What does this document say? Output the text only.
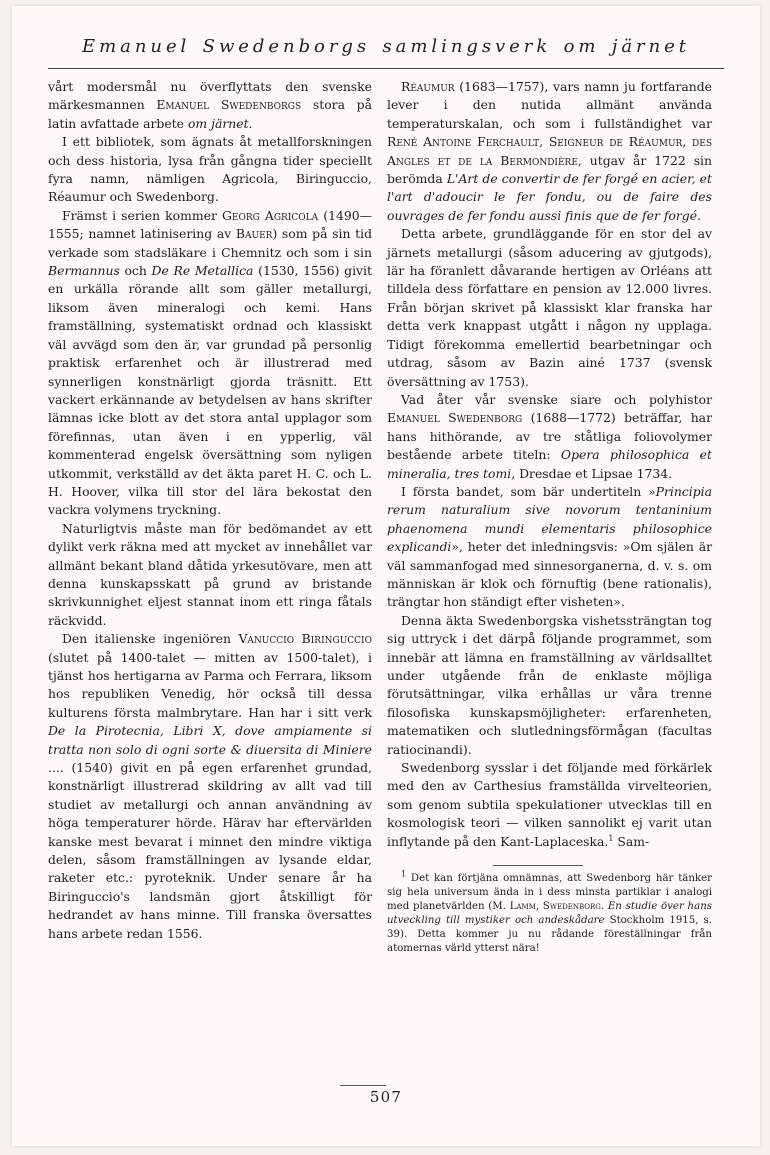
Emanuel Swedenborgs samlingsverk om järnet

vårt modersmål nu överflyttats den svenske märkesmannen Emanuel Swedenborgs stora på latin avfattade arbete om järnet.

I ett bibliotek, som ägnats åt metallforskningen och dess historia, lysa från gångna tider speciellt fyra namn, nämligen Agricola, Biringuccio, Réaumur och Swedenborg.

Främst i serien kommer Georg Agricola (1490—1555; namnet latinisering av Bauer) som på sin tid verkade som stadsläkare i Chemnitz och som i sin Bermannus och De Re Metallica (1530, 1556) givit en urkälla rörande allt som gäller metallurgi, liksom även mineralogi och kemi. Hans framställning, systematiskt ordnad och klassiskt väl avvägd som den är, var grundad på personlig praktisk erfarenhet och är illustrerad med synnerligen konstnärligt gjorda träsnitt. Ett vackert erkännande av betydelsen av hans skrifter lämnas icke blott av det stora antal upplagor som förefinnas, utan även i en ypperlig, väl kommenterad engelsk översättning som nyligen utkommit, verkställd av det äkta paret H. C. och L. H. Hoover, vilka till stor del lära bekostat den vackra volymens tryckning.

Naturligtvis måste man för bedömandet av ett dylikt verk räkna med att mycket av innehållet var allmänt bekant bland dåtida yrkesutövare, men att denna kunskapsskatt på grund av bristande skrivkunnighet eljest stannat inom ett ringa fåtals räckvidd.

Den italienske ingeniören Vanuccio Biringuccio (slutet på 1400-talet — mitten av 1500-talet), i tjänst hos hertigarna av Parma och Ferrara, liksom hos republiken Venedig, hör också till dessa kulturens första malmbrytare. Han har i sitt verk De la Pirotecnia, Libri X, dove ampiamente si tratta non solo di ogni sorte & diuersita di Miniere .... (1540) givit en på egen erfarenhet grundad, konstnärligt illustrerad skildring av allt vad till studiet av metallurgi och annan användning av höga temperaturer hörde. Härav har eftervärlden kanske mest bevarat i minnet den mindre viktiga delen, såsom framställningen av lysande eldar, raketer etc.: pyroteknik. Under senare år ha Biringuccio's landsmän gjort åtskilligt för hedrandet av hans minne. Till franska översattes hans arbete redan 1556.

Réaumur (1683—1757), vars namn ju fortfarande lever i den nutida allmänt använda temperaturskalan, och som i fullständighet var René Antoine Ferchault, Seigneur de Réaumur, des Angles et de la Bermondière, utgav år 1722 sin berömda L'Art de convertir de fer forgé en acier, et l'art d'adoucir le fer fondu, ou de faire des ouvrages de fer fondu aussi finis que de fer forgé.

Detta arbete, grundläggande för en stor del av järnets metallurgi (såsom aducering av gjutgods), lär ha föranlett dåvarande hertigen av Orléans att tilldela dess författare en pension av 12.000 livres. Från början skrivet på klassiskt klar franska har detta verk knappast utgått i någon ny upplaga. Tidigt förekomma emellertid bearbetningar och utdrag, såsom av Bazin ainé 1737 (svensk översättning av 1753).

Vad åter vår svenske siare och polyhistor Emanuel Swedenborg (1688—1772) beträffar, har hans hithörande, av tre ståtliga foliovolymer bestående arbete titeln: Opera philosophica et mineralia, tres tomi, Dresdae et Lipsae 1734.

I första bandet, som bär undertiteln »Principia rerum naturalium sive novorum tentaninium phaenomena mundi elementaris philosophice explicandi», heter det inledningsvis: »Om själen är väl sammanfogad med sinnesorganerna, d. v. s. om människan är klok och förnuftig (bene rationalis), trängtar hon ständigt efter visheten».

Denna äkta Swedenborgska vishetssträngtan tog sig uttryck i det därpå följande programmet, som innebär att lämna en framställning av världsalltet under utgående från de enklaste möjliga förutsättningar, vilka erhållas ur våra trenne filosofiska kunskapsmöjligheter: erfarenheten, matematiken och slutledningsförmågan (facultas ratiocinandi).

Swedenborg sysslar i det följande med förkärlek med den av Carthesius framställda virvelteorien, som genom subtila spekulationer utvecklas till en kosmologisk teori — vilken sannolikt ej varit utan inflytande på den Kant-Laplaceska.$^1$ Sam-

$^1$ Det kan förtjäna omnämnas, att Swedenborg här tänker sig hela universum ända in i dess minsta partiklar i analogi med planetvärlden (M. Lamm, Swedenborg. En studie över hans utveckling till mystiker och andeskådare Stockholm 1915, s. 39). Detta kommer ju nu rådande föreställningar från atomernas värld ytterst nära!
507
